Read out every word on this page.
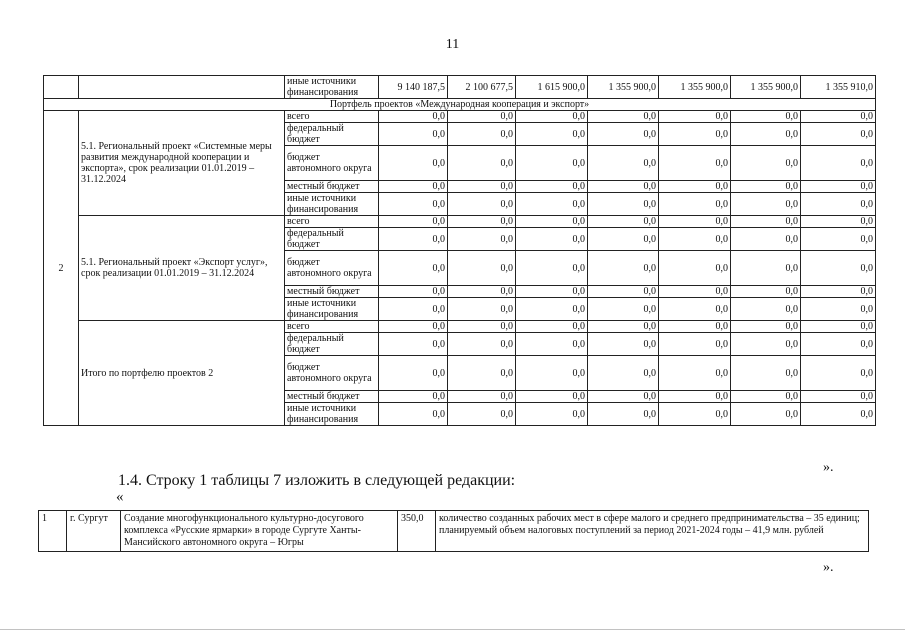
11
		иные источники финансирования	9 140 187,5	2 100 677,5	1 615 900,0	1 355 900,0	1 355 900,0	1 355 900,0	1 355 910,0
Портфель проектов «Международная кооперация и экспорт»									
2	5.1. Региональный проект «Системные меры развития международной кооперации и экспорта», срок реализации 01.01.2019 – 31.12.2024	всего	0,0	0,0	0,0	0,0	0,0	0,0	0,0
		федеральный бюджет	0,0	0,0	0,0	0,0	0,0	0,0	0,0
		бюджет автономного округа	0,0	0,0	0,0	0,0	0,0	0,0	0,0
		местный бюджет	0,0	0,0	0,0	0,0	0,0	0,0	0,0
		иные источники финансирования	0,0	0,0	0,0	0,0	0,0	0,0	0,0
	5.1. Региональный проект «Экспорт услуг», срок реализации 01.01.2019 – 31.12.2024	всего	0,0	0,0	0,0	0,0	0,0	0,0	0,0
		федеральный бюджет	0,0	0,0	0,0	0,0	0,0	0,0	0,0
		бюджет автономного округа	0,0	0,0	0,0	0,0	0,0	0,0	0,0
		местный бюджет	0,0	0,0	0,0	0,0	0,0	0,0	0,0
		иные источники финансирования	0,0	0,0	0,0	0,0	0,0	0,0	0,0
	Итого по портфелю проектов 2	всего	0,0	0,0	0,0	0,0	0,0	0,0	0,0
		федеральный бюджет	0,0	0,0	0,0	0,0	0,0	0,0	0,0
		бюджет автономного округа	0,0	0,0	0,0	0,0	0,0	0,0	0,0
		местный бюджет	0,0	0,0	0,0	0,0	0,0	0,0	0,0
		иные источники финансирования	0,0	0,0	0,0	0,0	0,0	0,0	0,0
».
1.4. Строку 1 таблицы 7 изложить в следующей редакции:
«
1	г. Сургут	Создание многофункционального культурно-досугового комплекса «Русские ярмарки» в городе Сургуте Ханты-Мансийского автономного округа – Югры	350,0	количество созданных рабочих мест в сфере малого и среднего предпринимательства – 35 единиц;
планируемый объем налоговых поступлений за период 2021-2024 годы – 41,9 млн. рублей
».
